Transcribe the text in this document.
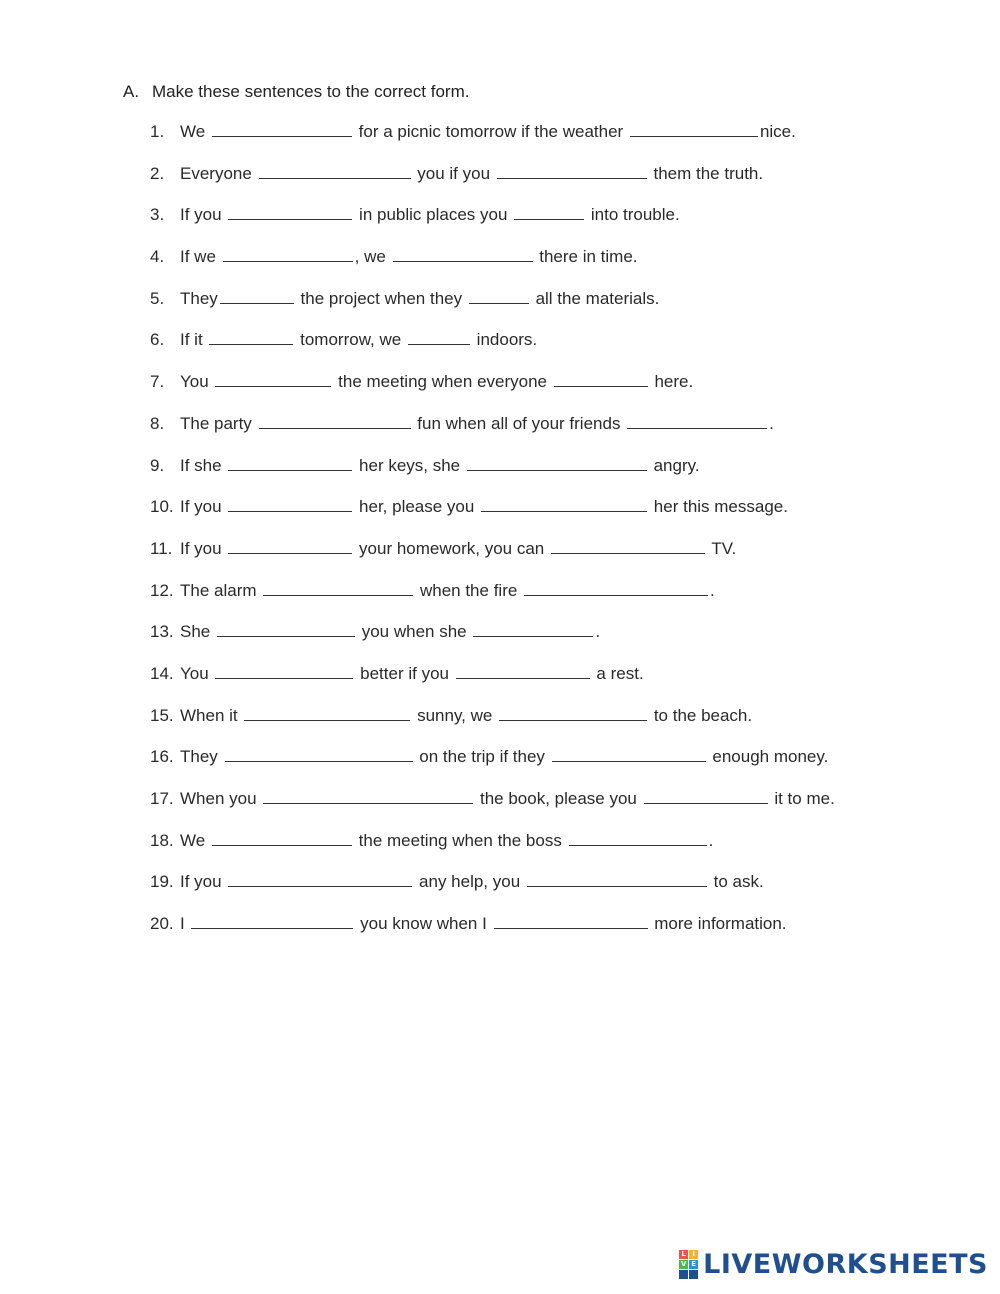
A. Make these sentences to the correct form.
1. We	for a picnic tomorrow if the weather	nice.
2. Everyone	you if you	them the truth.
3. If you	in public places you	into trouble.
4. If we	, we	there in time.
5. They	the project when they	all the materials.
6. If it	tomorrow, we	indoors.
7. You	the meeting when everyone	here.
8. The party	fun when all of your friends	.
9. If she	her keys, she	angry.
10. If you	her, please you	her this message.
11. If you	your homework, you can	TV.
12. The alarm	when the fire	.
13. She	you when she	.
14. You	better if you	a rest.
15. When it	sunny, we	to the beach.
16. They	on the trip if they	enough money.
17. When you	the book, please you	it to me.
18. We	the meeting when the boss	.
19. If you	any help, you	to ask.
20. I	you know when I	more information.
L I
V E LIVEWORKSHEETS
